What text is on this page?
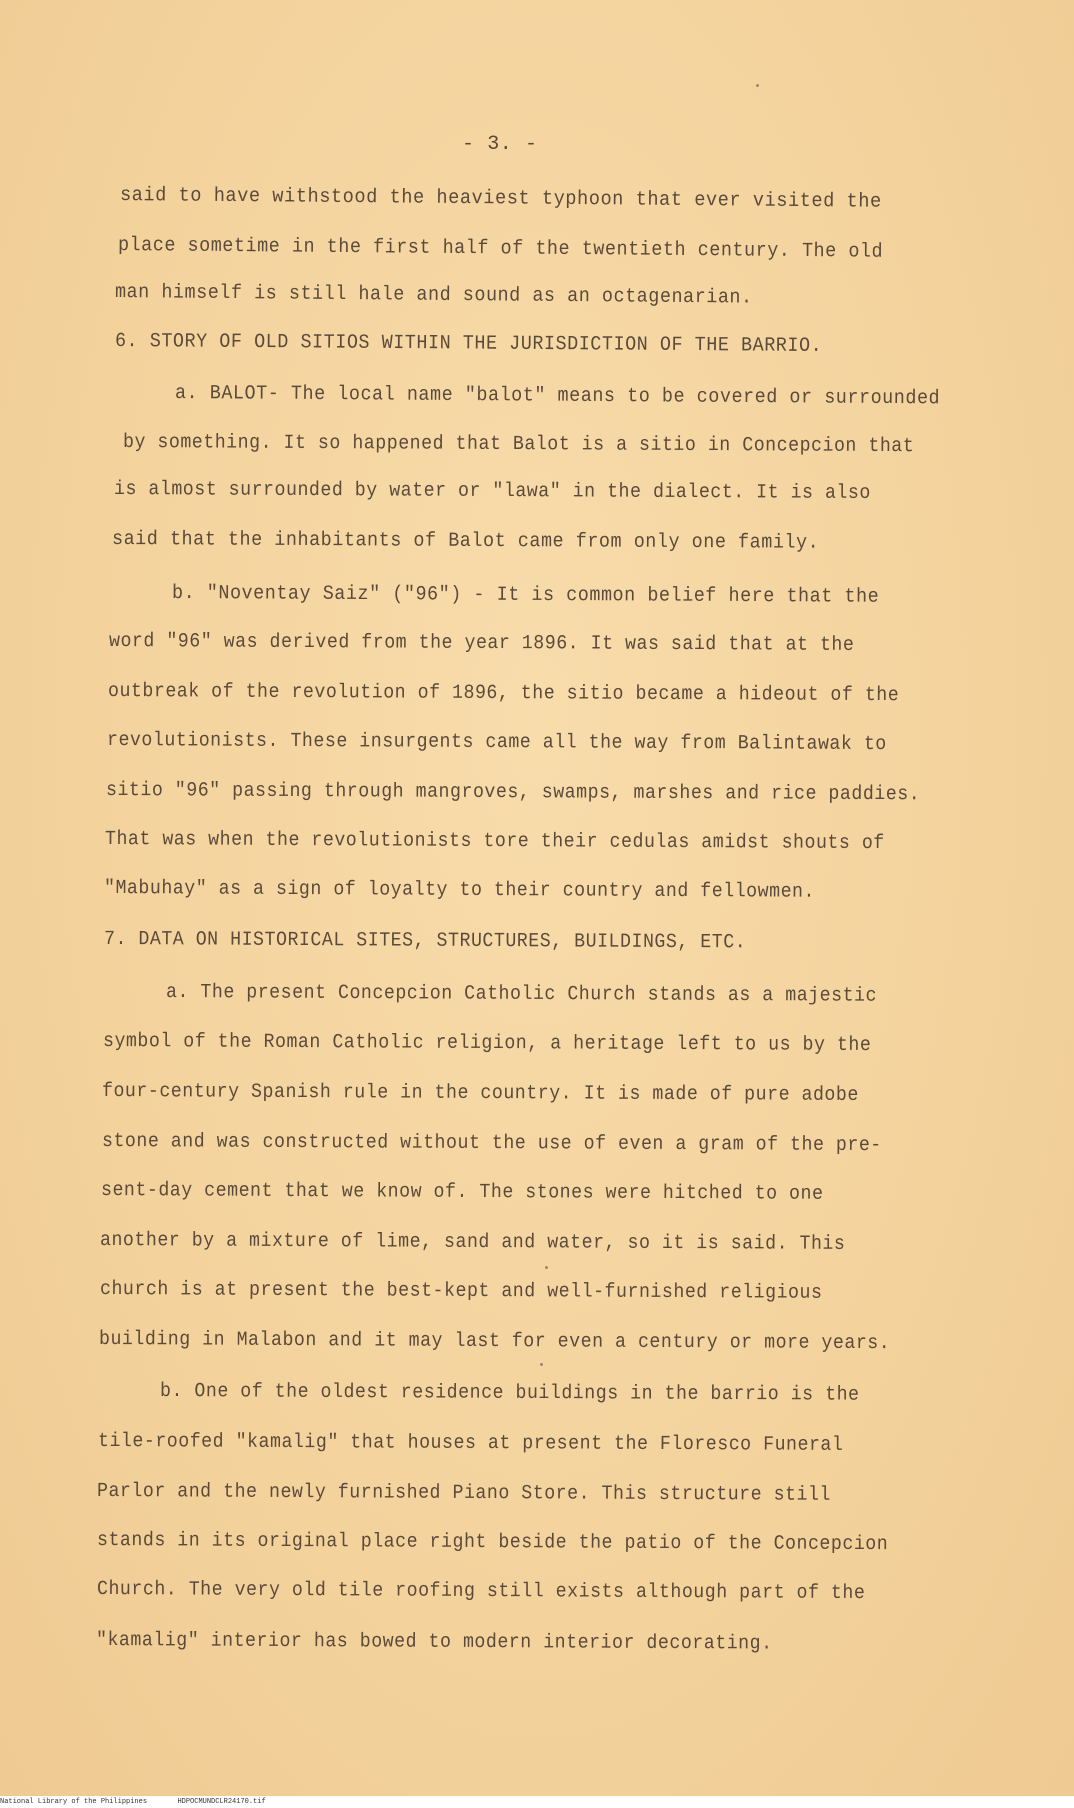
- 3. -
said to have withstood the heaviest typhoon that ever visited the
place sometime in the first half of the twentieth century. The old
man himself is still hale and sound as an octagenarian.
6. STORY OF OLD SITIOS WITHIN THE JURISDICTION OF THE BARRIO.
a. BALOT- The local name "balot" means to be covered or surrounded
by something. It so happened that Balot is a sitio in Concepcion that
is almost surrounded by water or "lawa" in the dialect. It is also
said that the inhabitants of Balot came from only one family.
b. "Noventay Saiz" ("96") - It is common belief here that the
word "96" was derived from the year 1896. It was said that at the
outbreak of the revolution of 1896, the sitio became a hideout of the
revolutionists. These insurgents came all the way from Balintawak to
sitio "96" passing through mangroves, swamps, marshes and rice paddies.
That was when the revolutionists tore their cedulas amidst shouts of
"Mabuhay" as a sign of loyalty to their country and fellowmen.
7. DATA ON HISTORICAL SITES, STRUCTURES, BUILDINGS, ETC.
a. The present Concepcion Catholic Church stands as a majestic
symbol of the Roman Catholic religion, a heritage left to us by the
four-century Spanish rule in the country. It is made of pure adobe
stone and was constructed without the use of even a gram of the pre-
sent-day cement that we know of. The stones were hitched to one
another by a mixture of lime, sand and water, so it is said. This
church is at present the best-kept and well-furnished religious
building in Malabon and it may last for even a century or more years.
b. One of the oldest residence buildings in the barrio is the
tile-roofed "kamalig" that houses at present the Floresco Funeral
Parlor and the newly furnished Piano Store. This structure still
stands in its original place right beside the patio of the Concepcion
Church. The very old tile roofing still exists although part of the
"kamalig" interior has bowed to modern interior decorating.
National Library of the Philippines	HDPOCMUNDCLR24170.tif
